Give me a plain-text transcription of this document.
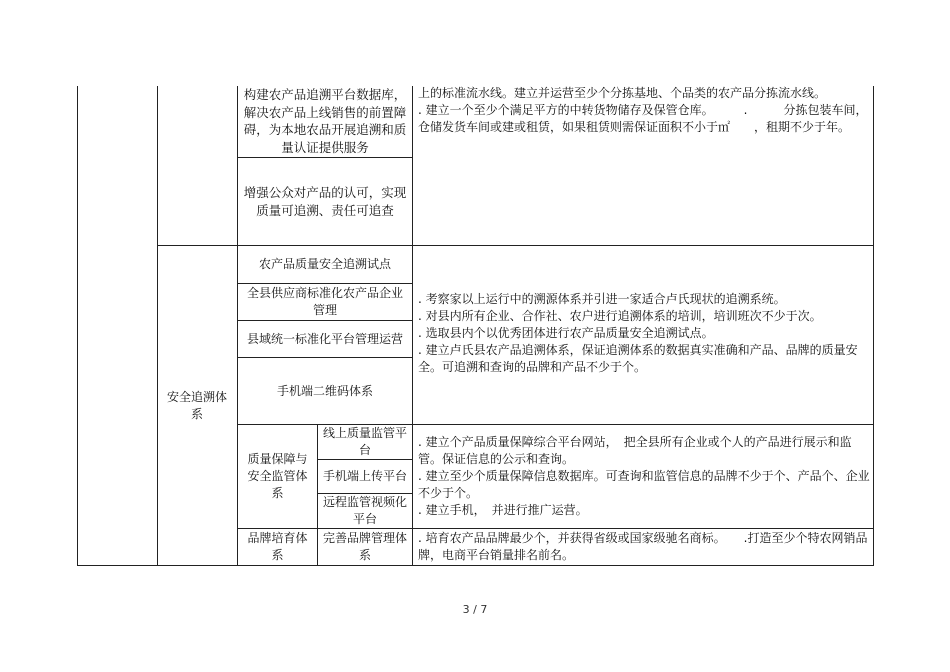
构建农产品追溯平台数据库，解决农产品上线销售的前置障碍，为本地农品开展追溯和质量认证提供服务
增强公众对产品的认可，实现质量可追溯、责任可追查
上的标准流水线。建立并运营至少个分拣基地、个品类的农产品分拣流水线。
. 建立一个至少个满足平方的中转货物储存及保管仓库。　　　.　　　分拣包装车间，仓储发货车间或建或租赁，如果租赁则需保证面积不小于㎡　　，租期不少于年。
安全追溯体系
农产品质量安全追溯试点
全县供应商标准化农产品企业管理
县域统一标准化平台管理运营
手机端二维码体系
. 考察家以上运行中的溯源体系并引进一家适合卢氏现状的追溯系统。
. 对县内所有企业、合作社、农户进行追溯体系的培训，培训班次不少于次。
. 选取县内个以优秀团体进行农产品质量安全追溯试点。
. 建立卢氏县农产品追溯体系，保证追溯体系的数据真实准确和产品、品牌的质量安全。可追溯和查询的品牌和产品不少于个。
质量保障与安全监管体系
线上质量监管平台
手机端上传平台
远程监管视频化平台
. 建立个产品质量保障综合平台网站，　把全县所有企业或个人的产品进行展示和监管。保证信息的公示和查询。
. 建立至少个质量保障信息数据库。可查询和监管信息的品牌不少于个、产品个、企业不少于个。
. 建立手机，　并进行推广运营。
品牌培育体系
完善品牌管理体系
. 培育农产品品牌最少个，并获得省级或国家级驰名商标。　　.打造至少个特农网销品牌，电商平台销量排名前名。
3 / 7
